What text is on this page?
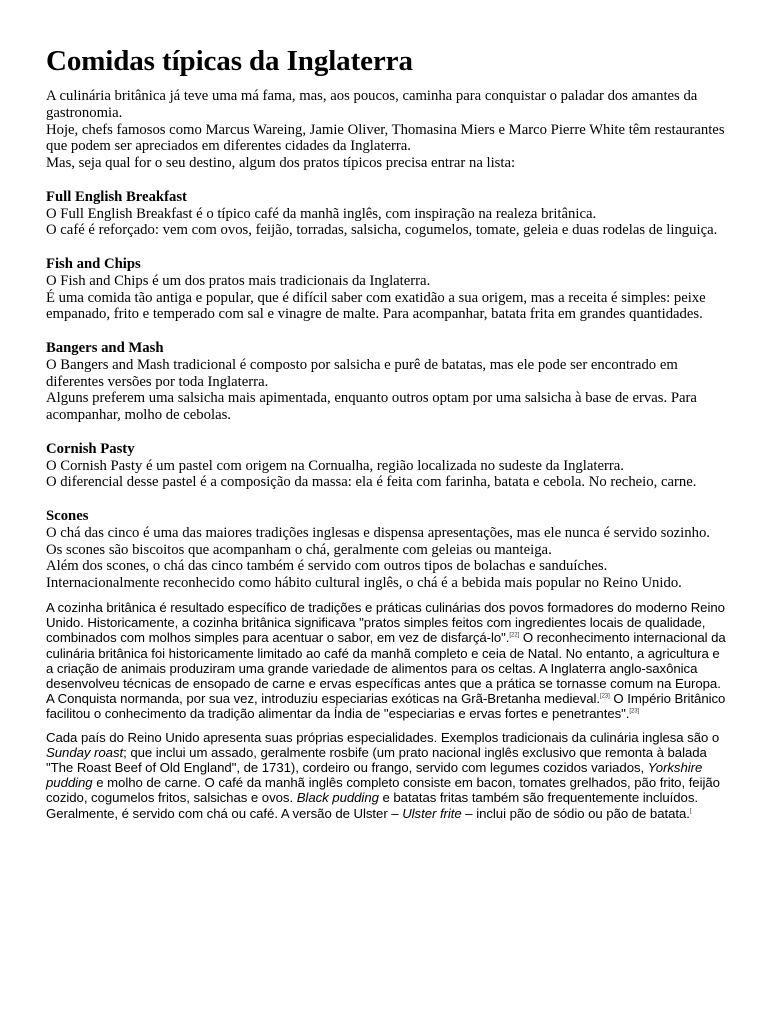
Comidas típicas da Inglaterra

A culinária britânica já teve uma má fama, mas, aos poucos, caminha para conquistar o paladar dos amantes da gastronomia.

Hoje, chefs famosos como Marcus Wareing, Jamie Oliver, Thomasina Miers e Marco Pierre White têm restaurantes que podem ser apreciados em diferentes cidades da Inglaterra.

Mas, seja qual for o seu destino, algum dos pratos típicos precisa entrar na lista:

Full English Breakfast

O Full English Breakfast é o típico café da manhã inglês, com inspiração na realeza britânica.

O café é reforçado: vem com ovos, feijão, torradas, salsicha, cogumelos, tomate, geleia e duas rodelas de linguiça.

Fish and Chips

O Fish and Chips é um dos pratos mais tradicionais da Inglaterra.

É uma comida tão antiga e popular, que é difícil saber com exatidão a sua origem, mas a receita é simples: peixe empanado, frito e temperado com sal e vinagre de malte. Para acompanhar, batata frita em grandes quantidades.

Bangers and Mash

O Bangers and Mash tradicional é composto por salsicha e purê de batatas, mas ele pode ser encontrado em diferentes versões por toda Inglaterra.

Alguns preferem uma salsicha mais apimentada, enquanto outros optam por uma salsicha à base de ervas. Para acompanhar, molho de cebolas.

Cornish Pasty

O Cornish Pasty é um pastel com origem na Cornualha, região localizada no sudeste da Inglaterra.

O diferencial desse pastel é a composição da massa: ela é feita com farinha, batata e cebola. No recheio, carne.

Scones

O chá das cinco é uma das maiores tradições inglesas e dispensa apresentações, mas ele nunca é servido sozinho.

Os scones são biscoitos que acompanham o chá, geralmente com geleias ou manteiga.

Além dos scones, o chá das cinco também é servido com outros tipos de bolachas e sanduíches.

Internacionalmente reconhecido como hábito cultural inglês, o chá é a bebida mais popular no Reino Unido.

A cozinha britânica é resultado específico de tradições e práticas culinárias dos povos formadores do moderno Reino Unido. Historicamente, a cozinha britânica significava "pratos simples feitos com ingredientes locais de qualidade, combinados com molhos simples para acentuar o sabor, em vez de disfarçá-lo".[22] O reconhecimento internacional da culinária britânica foi historicamente limitado ao café da manhã completo e ceia de Natal. No entanto, a agricultura e a criação de animais produziram uma grande variedade de alimentos para os celtas. A Inglaterra anglo-saxônica desenvolveu técnicas de ensopado de carne e ervas específicas antes que a prática se tornasse comum na Europa. A Conquista normanda, por sua vez, introduziu especiarias exóticas na Grã-Bretanha medieval.[23] O Império Britânico facilitou o conhecimento da tradição alimentar da Índia de "especiarias e ervas fortes e penetrantes".[23]

Cada país do Reino Unido apresenta suas próprias especialidades. Exemplos tradicionais da culinária inglesa são o Sunday roast; que inclui um assado, geralmente rosbife (um prato nacional inglês exclusivo que remonta à balada "The Roast Beef of Old England", de 1731), cordeiro ou frango, servido com legumes cozidos variados, Yorkshire pudding e molho de carne. O café da manhã inglês completo consiste em bacon, tomates grelhados, pão frito, feijão cozido, cogumelos fritos, salsichas e ovos. Black pudding e batatas fritas também são frequentemente incluídos. Geralmente, é servido com chá ou café. A versão de Ulster – Ulster frite – inclui pão de sódio ou pão de batata.[
